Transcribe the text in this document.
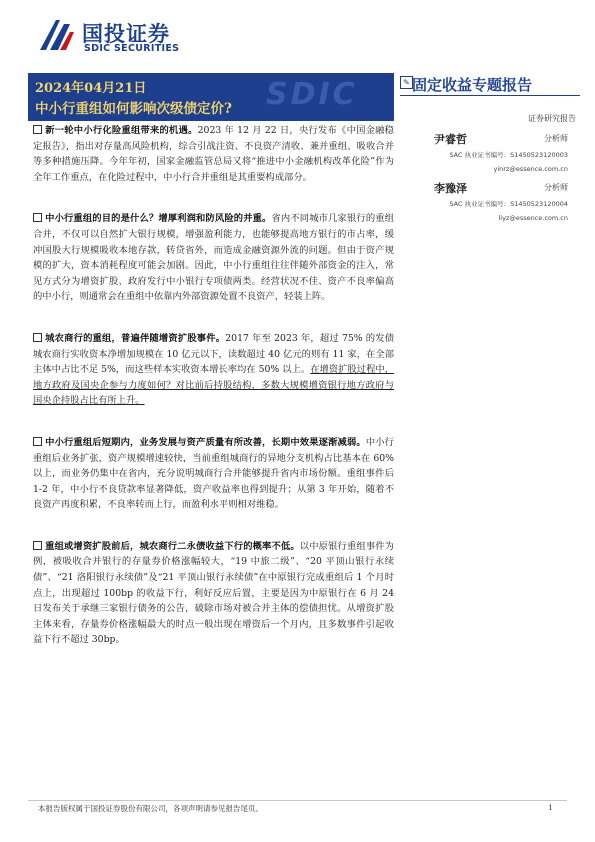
国投证券
SDIC SECURITIES
SDIC
2024年04月21日
中小行重组如何影响次级债定价?
✎ 固定收益专题报告
证券研究报告
尹睿哲	分析师
SAC 执业证书编号：S1450523120003
yinrz@essence.com.cn
李豫泽	分析师
SAC 执业证书编号：S1450523120004
liyz@essence.com.cn

新一轮中小行化险重组带来的机遇。2023 年 12 月 22 日，央行发布《中国金融稳定报告》，指出对存量高风险机构，综合引战注资、不良资产清收、兼并重组、吸收合并等多种措施压降。今年年初，国家金融监管总局又将“推进中小金融机构改革化险”作为全年工作重点，在化险过程中，中小行合并重组是其重要构成部分。

中小行重组的目的是什么？增厚利润和防风险的并重。省内不同城市几家银行的重组合并，不仅可以自然扩大银行规模，增强盈利能力，也能够提高地方银行的市占率，缓冲国股大行规模吸收本地存款，转贷省外，而造成金融资源外流的问题。但由于资产规模的扩大，资本消耗程度可能会加剧。因此，中小行重组往往伴随外部资金的注入，常见方式分为增资扩股、政府发行中小银行专项债两类。经营状况不佳、资产不良率偏高的中小行，则通常会在重组中依靠内外部资源处置不良资产，轻装上阵。

城农商行的重组，普遍伴随增资扩股事件。2017 年至 2023 年，超过 75% 的发债城农商行实收资本净增加规模在 10 亿元以下，读数超过 40 亿元的则有 11 家，在全部主体中占比不足 5%，而这些样本实收资本增长率均在 50% 以上。在增资扩股过程中，地方政府及国央企参与力度如何？对比前后持股结构，多数大规模增资银行地方政府与国央企持股占比有所上升。

中小行重组后短期内，业务发展与资产质量有所改善，长期中效果逐渐减弱。中小行重组后业务扩张，资产规模增速较快，当前重组城商行的异地分支机构占比基本在 60% 以上，而业务仍集中在省内，充分说明城商行合并能够提升省内市场份额。重组事件后 1-2 年，中小行不良贷款率显著降低，资产收益率也得到提升；从第 3 年开始，随着不良资产再度积累，不良率转而上行，而盈利水平则相对维稳。

重组或增资扩股前后，城农商行二永债收益下行的概率不低。以中原银行重组事件为例，被吸收合并银行的存量券价格涨幅较大，“19 中旅二级”、“20 平顶山银行永续债”、“21 洛阳银行永续债”及“21 平顶山银行永续债”在中原银行完成重组后 1 个月时点上，出现超过 100bp 的收益下行，利好反应后置，主要是因为中原银行在 6 月 24 日发布关于承继三家银行债务的公告，破除市场对被合并主体的偿债担忧。从增资扩股主体来看，存量券价格涨幅最大的时点一般出现在增资后一个月内，且多数事件引起收益下行不超过 30bp。

本报告版权属于国投证券股份有限公司，各项声明请参见报告尾页。	1
